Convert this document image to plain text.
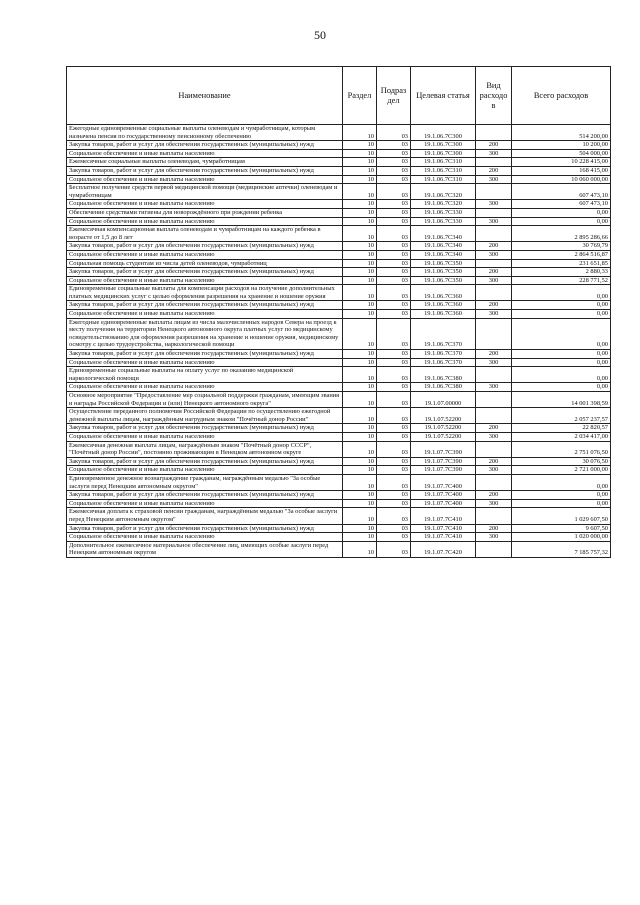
50
Наименование	Раздел	Подраз дел	Целевая статья	Вид расходо в	Всего расходов
Ежегодные единовременные социальные выплаты оленеводам и чумработницам, которым назначена пенсия по государственному пенсионному обеспечению	10	03	19.1.06.7С300		514 200,00
Закупка товаров, работ и услуг для обеспечения государственных (муниципальных) нужд	10	03	19.1.06.7С300	200	10 200,00
Социальное обеспечение и иные выплаты населению	10	03	19.1.06.7С300	300	504 000,00
Ежемесячные социальные выплаты оленеводам, чумработницам	10	03	19.1.06.7С310		10 228 415,00
Закупка товаров, работ и услуг для обеспечения государственных (муниципальных) нужд	10	03	19.1.06.7С310	200	168 415,00
Социальное обеспечение и иные выплаты населению	10	03	19.1.06.7С310	300	10 060 000,00
Бесплатное получение средств первой медицинской помощи (медицинские аптечки) оленеводам и чумработницам	10	03	19.1.06.7С320		607 473,10
Социальное обеспечение и иные выплаты населению	10	03	19.1.06.7С320	300	607 473,10
Обеспечение средствами гигиены для новорождённого при рождении ребенка	10	03	19.1.06.7С330		0,00
Социальное обеспечение и иные выплаты населению	10	03	19.1.06.7С330	300	0,00
Ежемесячная компенсационная выплата оленеводам и чумработницам на каждого ребенка в возрасте от 1,5 до 8 лет	10	03	19.1.06.7С340		2 895 286,66
Закупка товаров, работ и услуг для обеспечения государственных (муниципальных) нужд	10	03	19.1.06.7С340	200	30 769,79
Социальное обеспечение и иные выплаты населению	10	03	19.1.06.7С340	300	2 864 516,87
Социальная помощь студентам из числа детей оленеводов, чумработниц	10	03	19.1.06.7С350		231 651,85
Закупка товаров, работ и услуг для обеспечения государственных (муниципальных) нужд	10	03	19.1.06.7С350	200	2 880,33
Социальное обеспечение и иные выплаты населению	10	03	19.1.06.7С350	300	228 771,52
Единовременные социальные выплаты для компенсации расходов на получение дополнительных платных медицинских услуг с целью оформления разрешения на хранение и ношение оружия	10	03	19.1.06.7С360		0,00
Закупка товаров, работ и услуг для обеспечения государственных (муниципальных) нужд	10	03	19.1.06.7С360	200	0,00
Социальное обеспечение и иные выплаты населению	10	03	19.1.06.7С360	300	0,00
Ежегодные единовременные выплаты лицам из числа малочисленных народов Севера на проезд к месту получения на территории Ненецкого автономного округа платных услуг по медицинскому освидетельствованию для оформления разрешения на хранение и ношение оружия, медицинскому осмотру с целью трудоустройства, наркологической помощи	10	03	19.1.06.7С370		0,00
Закупка товаров, работ и услуг для обеспечения государственных (муниципальных) нужд	10	03	19.1.06.7С370	200	0,00
Социальное обеспечение и иные выплаты населению	10	03	19.1.06.7С370	300	0,00
Единовременные социальные выплаты на оплату услуг по оказанию медицинской наркологической помощи	10	03	19.1.06.7С380		0,00
Социальное обеспечение и иные выплаты населению	10	03	19.1.06.7С380	300	0,00
Основное мероприятие "Предоставление мер социальной поддержки гражданам, имеющим звания и награды Российской Федерации и (или) Ненецкого автономного округа"	10	03	19.1.07.00000		14 001 398,59
Осуществление переданного полномочия Российской Федерации по осуществлению ежегодной денежной выплаты лицам, награждённым нагрудным знаком "Почётный донор России"	10	03	19.1.07.52200		2 057 237,57
Закупка товаров, работ и услуг для обеспечения государственных (муниципальных) нужд	10	03	19.1.07.52200	200	22 820,57
Социальное обеспечение и иные выплаты населению	10	03	19.1.07.52200	300	2 034 417,00
Ежемесячная денежная выплата лицам, награждённым знаком "Почётный донор СССР", "Почётный донор России", постоянно проживающим в Ненецком автономном округе	10	03	19.1.07.7С390		2 751 076,50
Закупка товаров, работ и услуг для обеспечения государственных (муниципальных) нужд	10	03	19.1.07.7С390	200	30 076,50
Социальное обеспечение и иные выплаты населению	10	03	19.1.07.7С390	300	2 721 000,00
Единовременное денежное вознаграждение гражданам, награждённым медалью "За особые заслуги перед Ненецким автономным округом"	10	03	19.1.07.7С400		0,00
Закупка товаров, работ и услуг для обеспечения государственных (муниципальных) нужд	10	03	19.1.07.7С400	200	0,00
Социальное обеспечение и иные выплаты населению	10	03	19.1.07.7С400	300	0,00
Ежемесячная доплата к страховой пенсии гражданам, награждённым медалью "За особые заслуги перед Ненецким автономным округом"	10	03	19.1.07.7С410		1 029 607,50
Закупка товаров, работ и услуг для обеспечения государственных (муниципальных) нужд	10	03	19.1.07.7С410	200	9 607,50
Социальное обеспечение и иные выплаты населению	10	03	19.1.07.7С410	300	1 020 000,00
Дополнительное ежемесячное материальное обеспечение лиц, имеющих особые заслуги перед Ненецким автономным округом	10	03	19.1.07.7С420		7 185 757,32
